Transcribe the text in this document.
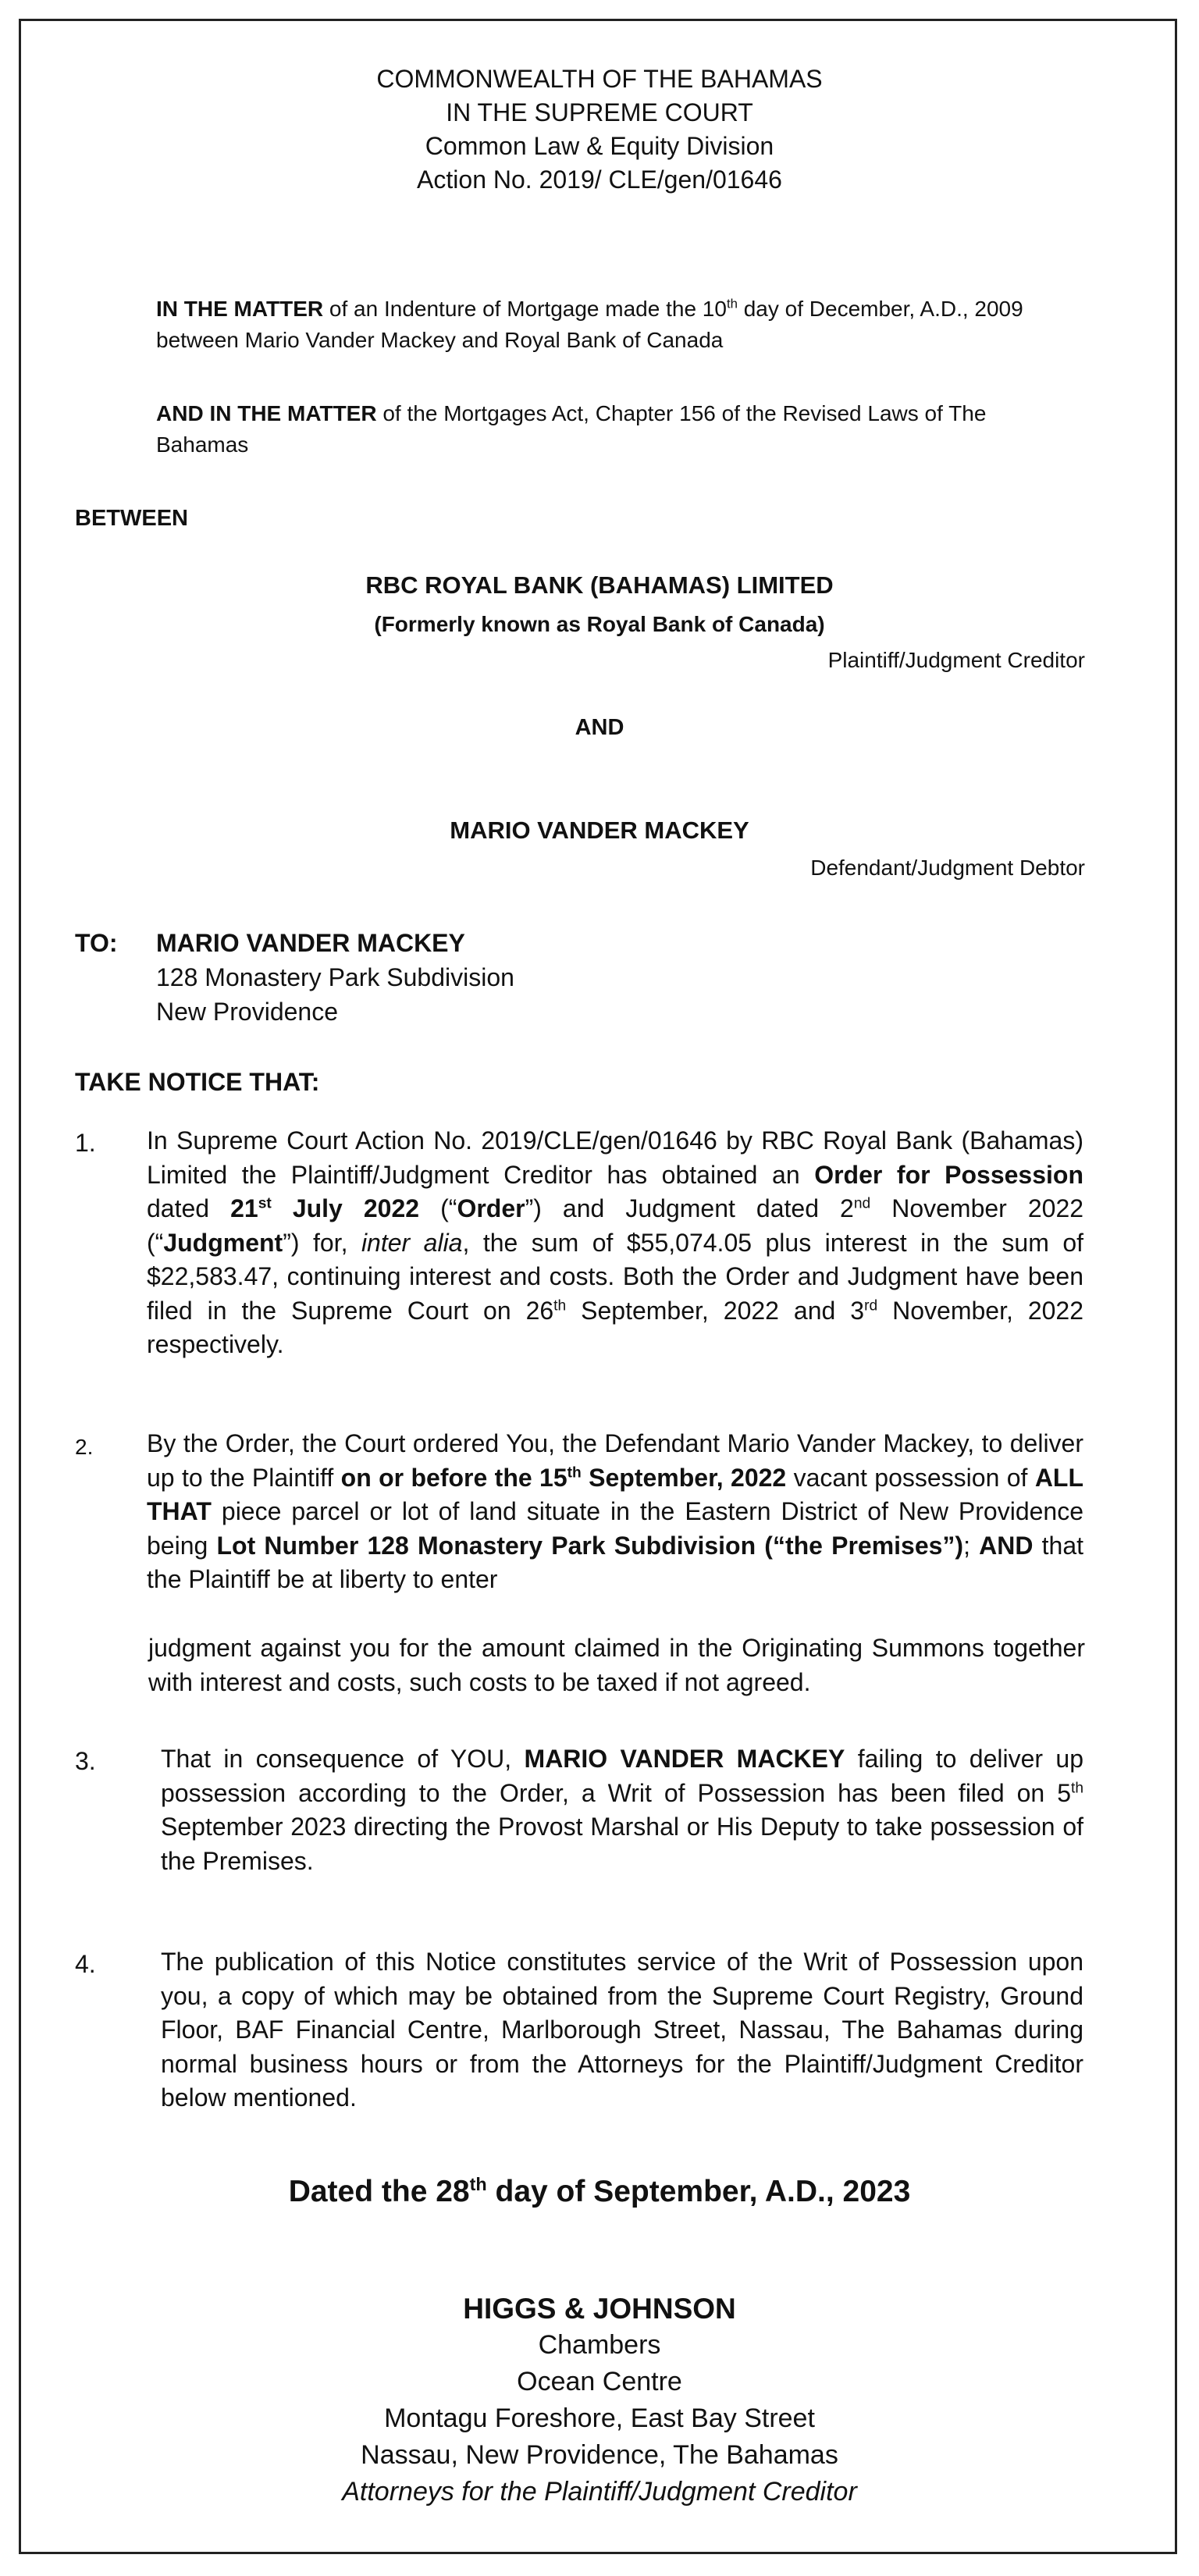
COMMONWEALTH OF THE BAHAMAS
IN THE SUPREME COURT
Common Law & Equity Division
Action No. 2019/ CLE/gen/01646

IN THE MATTER of an Indenture of Mortgage made the 10th day of December, A.D., 2009 between Mario Vander Mackey and Royal Bank of Canada

AND IN THE MATTER of the Mortgages Act, Chapter 156 of the Revised Laws of The Bahamas

BETWEEN
RBC ROYAL BANK (BAHAMAS) LIMITED
(Formerly known as Royal Bank of Canada)
Plaintiff/Judgment Creditor
AND
MARIO VANDER MACKEY
Defendant/Judgment Debtor
TO: MARIO VANDER MACKEY
128 Monastery Park Subdivision
New Providence
TAKE NOTICE THAT:
1. In Supreme Court Action No. 2019/CLE/gen/01646 by RBC Royal Bank (Bahamas) Limited the Plaintiff/Judgment Creditor has obtained an Order for Possession dated 21st July 2022 (“Order”) and Judgment dated 2nd November 2022 (“Judgment”) for, inter alia, the sum of $55,074.05 plus interest in the sum of $22,583.47, continuing interest and costs. Both the Order and Judgment have been filed in the Supreme Court on 26th September, 2022 and 3rd November, 2022 respectively.

2. By the Order, the Court ordered You, the Defendant Mario Vander Mackey, to deliver up to the Plaintiff on or before the 15th September, 2022 vacant possession of ALL THAT piece parcel or lot of land situate in the Eastern District of New Providence being Lot Number 128 Monastery Park Subdivision (“the Premises”); AND that the Plaintiff be at liberty to enter

judgment against you for the amount claimed in the Originating Summons together with interest and costs, such costs to be taxed if not agreed.

3.	That in consequence of YOU, MARIO VANDER MACKEY failing to deliver up possession according to the Order, a Writ of Possession has been filed on 5th September 2023 directing the Provost Marshal or His Deputy to take possession of the Premises.

4.	The publication of this Notice constitutes service of the Writ of Possession upon you, a copy of which may be obtained from the Supreme Court Registry, Ground Floor, BAF Financial Centre, Marlborough Street, Nassau, The Bahamas during normal business hours or from the Attorneys for the Plaintiff/Judgment Creditor below mentioned.

Dated the 28th day of September, A.D., 2023
HIGGS & JOHNSON
Chambers
Ocean Centre
Montagu Foreshore, East Bay Street
Nassau, New Providence, The Bahamas
Attorneys for the Plaintiff/Judgment Creditor
